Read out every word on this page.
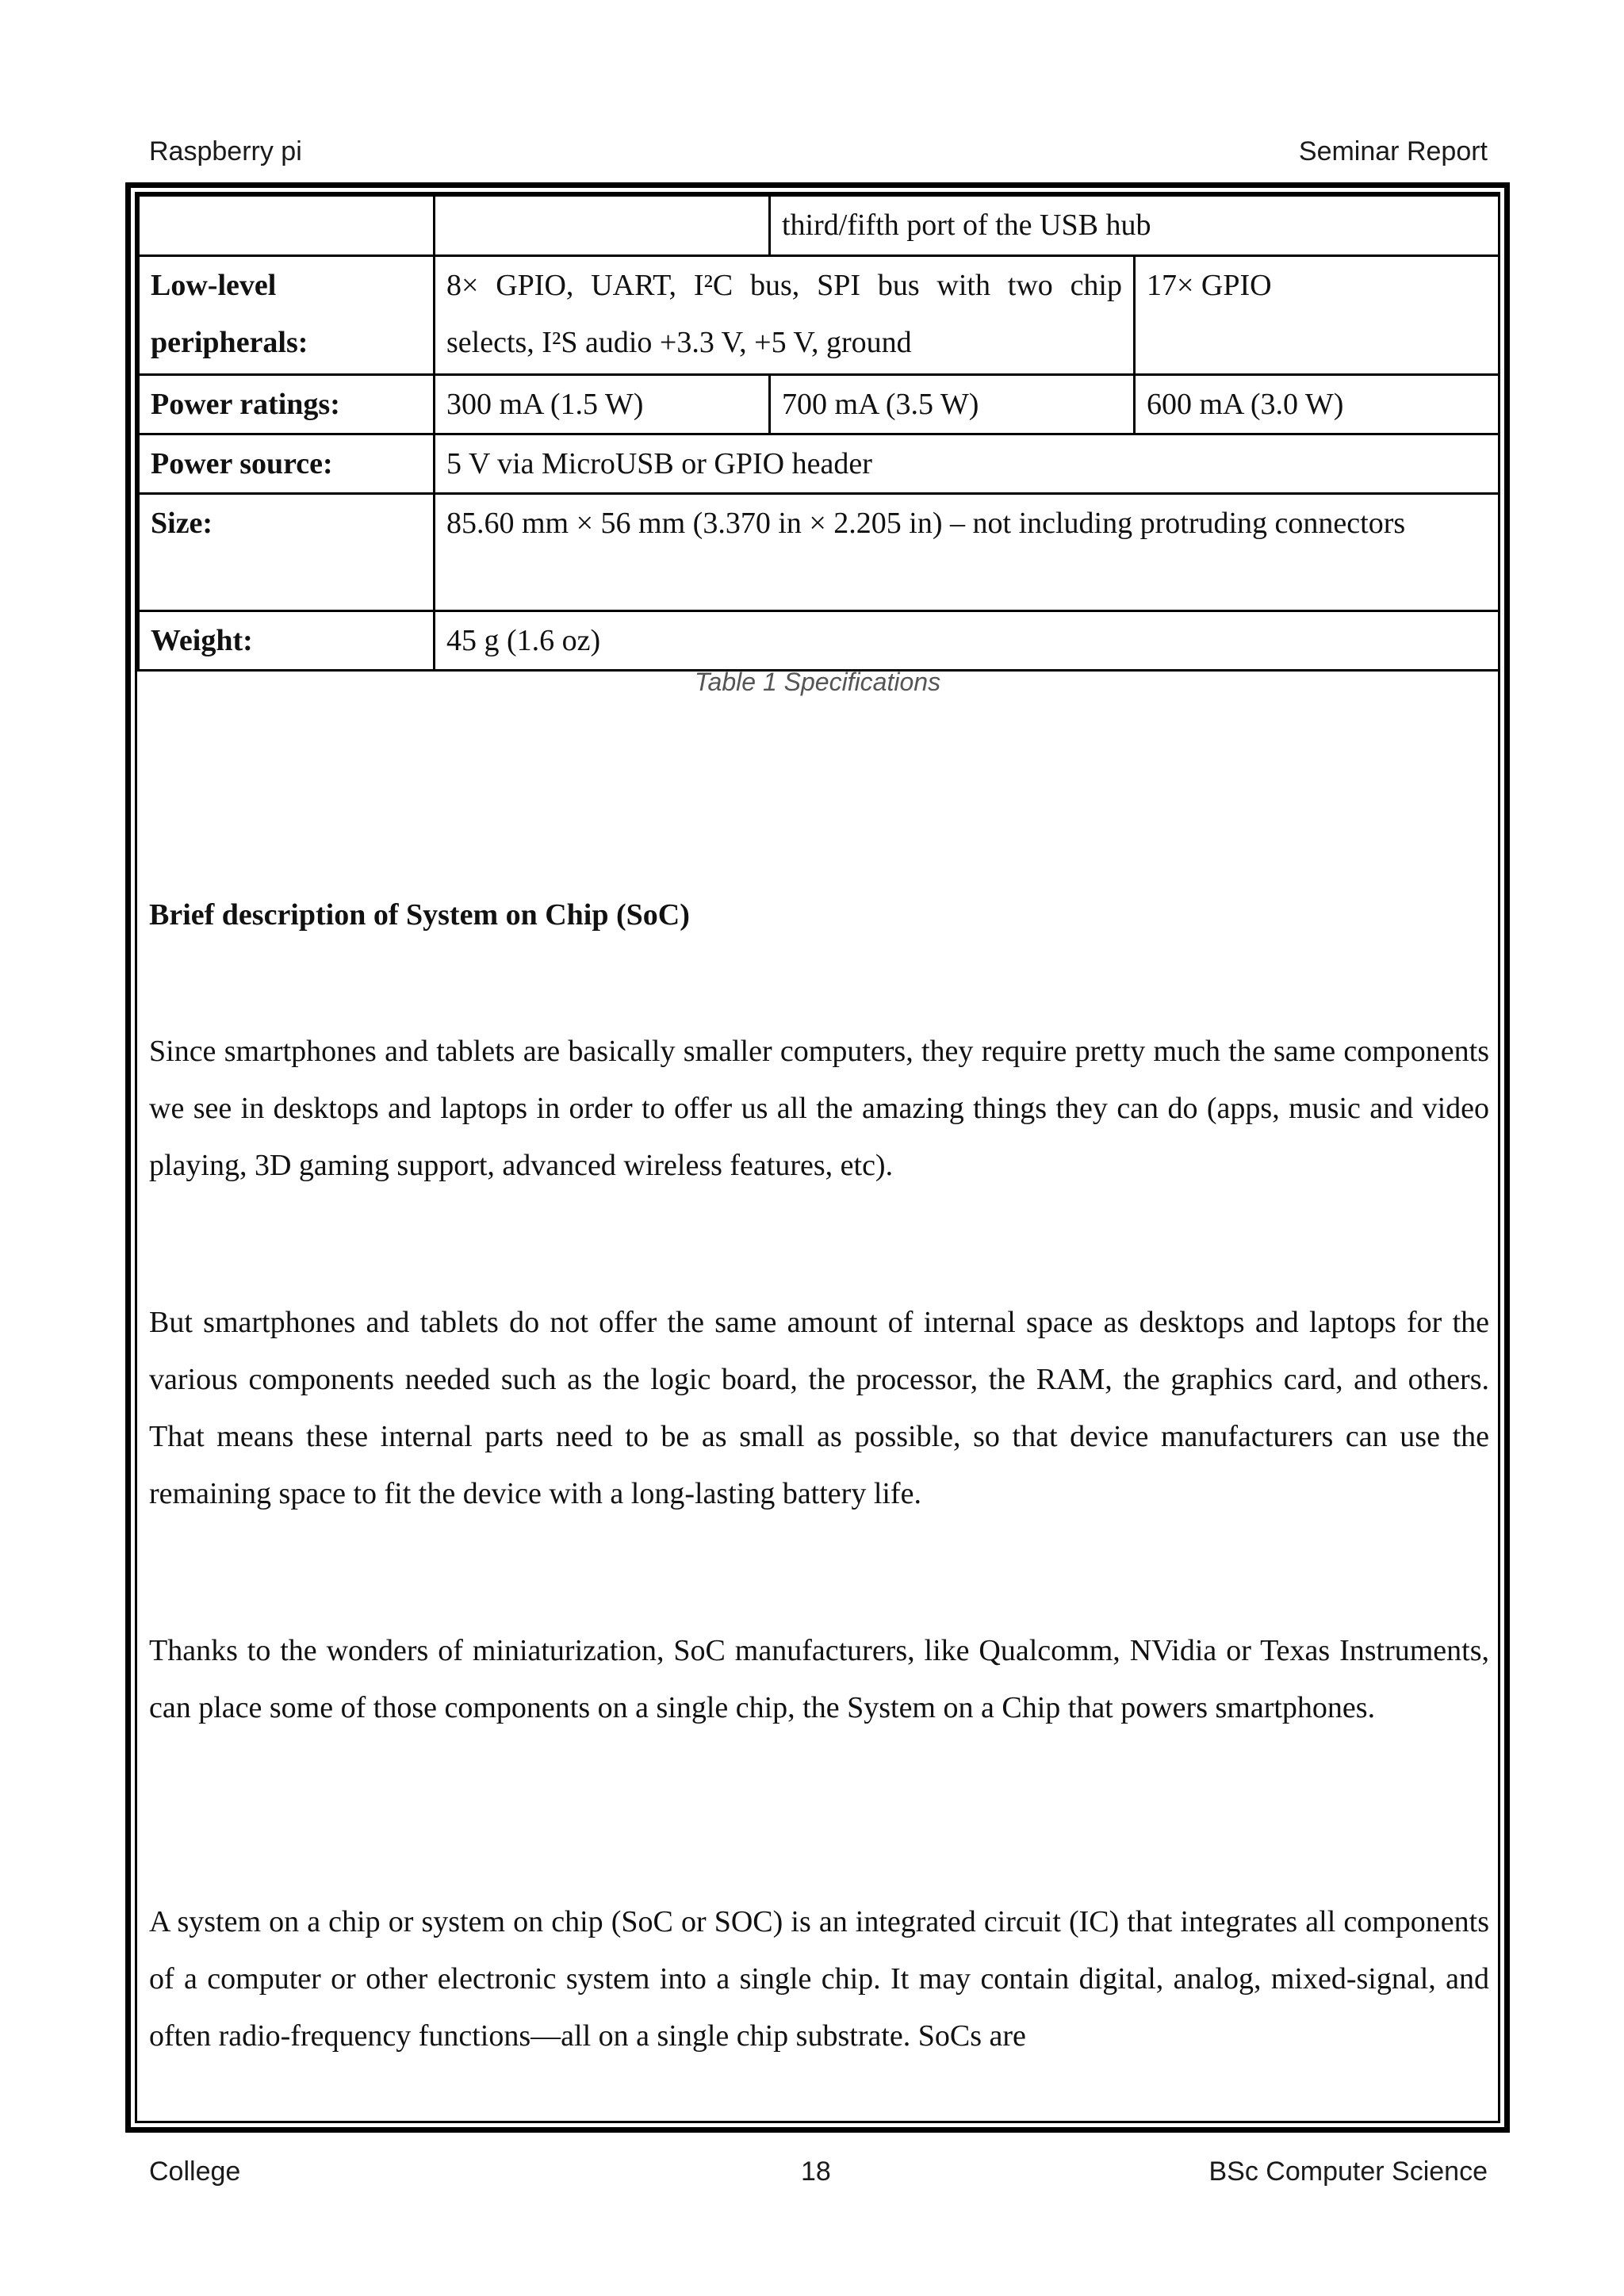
Raspberry pi	Seminar Report
		third/fifth port of the USB hub	
Low-level peripherals:	8× GPIO, UART, I²C bus, SPI bus with two chip selects, I²S audio +3.3 V, +5 V, ground		17× GPIO
Power ratings:	300 mA (1.5 W)	700 mA (3.5 W)	600 mA (3.0 W)
Power source:	5 V via MicroUSB or GPIO header		
Size:	85.60 mm × 56 mm (3.370 in × 2.205 in) – not including protruding connectors		
Weight:	45 g (1.6 oz)		
Table 1 Specifications
Brief description of System on Chip (SoC)

Since smartphones and tablets are basically smaller computers, they require pretty much the same components we see in desktops and laptops in order to offer us all the amazing things they can do (apps, music and video playing, 3D gaming support, advanced wireless features, etc).

But smartphones and tablets do not offer the same amount of internal space as desktops and laptops for the various components needed such as the logic board, the processor, the RAM, the graphics card, and others. That means these internal parts need to be as small as possible, so that device manufacturers can use the remaining space to fit the device with a long-lasting battery life.

Thanks to the wonders of miniaturization, SoC manufacturers, like Qualcomm, NVidia or Texas Instruments, can place some of those components on a single chip, the System on a Chip that powers smartphones.

A system on a chip or system on chip (SoC or SOC) is an integrated circuit (IC) that integrates all components of a computer or other electronic system into a single chip. It may contain digital, analog, mixed-signal, and often radio-frequency functions—all on a single chip substrate. SoCs are

College	18	BSc Computer Science
